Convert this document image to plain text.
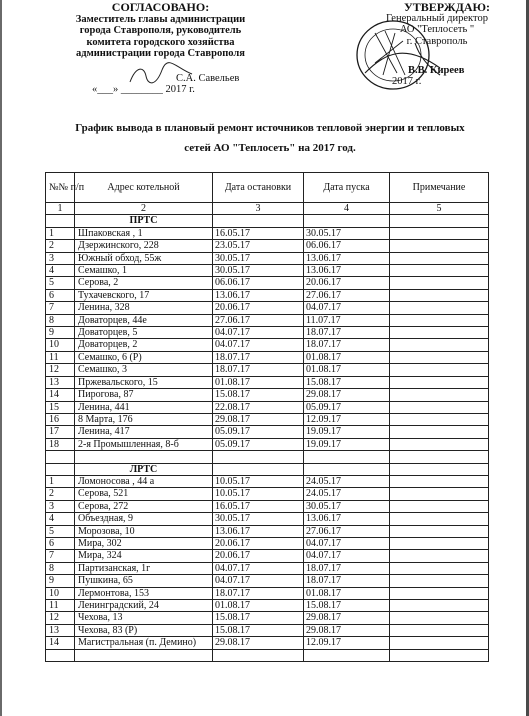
СОГЛАСОВАНО:
Заместитель главы администрации
города Ставрополя, руководитель
комитета городского хозяйства
администрации города Ставрополя
С.А. Савельев
«___» ________ 2017 г.
УТВЕРЖДАЮ:
Генеральный директор
АО "Теплосеть "
г. Ставрополь
В.В. Киреев
2017 г.
График вывода в плановый ремонт источников тепловой энергии и тепловых
сетей АО "Теплосеть" на 2017 год.
№№ п/п	Адрес котельной	Дата остановки	Дата пуска	Примечание
1	2	3	4	5
	ПРТС			
1	Шпаковская , 1	16.05.17	30.05.17	
2	Дзержинского, 228	23.05.17	06.06.17	
3	Южный обход, 55ж	30.05.17	13.06.17	
4	Семашко, 1	30.05.17	13.06.17	
5	Серова, 2	06.06.17	20.06.17	
6	Тухачевского, 17	13.06.17	27.06.17	
7	Ленина, 328	20.06.17	04.07.17	
8	Доваторцев, 44е	27.06.17	11.07.17	
9	Доваторцев, 5	04.07.17	18.07.17	
10	Доваторцев, 2	04.07.17	18.07.17	
11	Семашко, 6 (Р)	18.07.17	01.08.17	
12	Семашко, 3	18.07.17	01.08.17	
13	Пржевальского, 15	01.08.17	15.08.17	
14	Пирогова, 87	15.08.17	29.08.17	
15	Ленина, 441	22.08.17	05.09.17	
16	8 Марта, 176	29.08.17	12.09.17	
17	Ленина, 417	05.09.17	19.09.17	
18	2-я Промышленная, 8-б	05.09.17	19.09.17	

	ЛРТС			
1	Ломоносова , 44 а	10.05.17	24.05.17	
2	Серова, 521	10.05.17	24.05.17	
3	Серова, 272	16.05.17	30.05.17	
4	Объездная, 9	30.05.17	13.06.17	
5	Морозова, 10	13.06.17	27.06.17	
6	Мира, 302	20.06.17	04.07.17	
7	Мира, 324	20.06.17	04.07.17	
8	Партизанская, 1г	04.07.17	18.07.17	
9	Пушкина, 65	04.07.17	18.07.17	
10	Лермонтова, 153	18.07.17	01.08.17	
11	Ленинградский, 24	01.08.17	15.08.17	
12	Чехова, 13	15.08.17	29.08.17	
13	Чехова, 83 (Р)	15.08.17	29.08.17	
14	Магистральная (п. Демино)	29.08.17	12.09.17	
